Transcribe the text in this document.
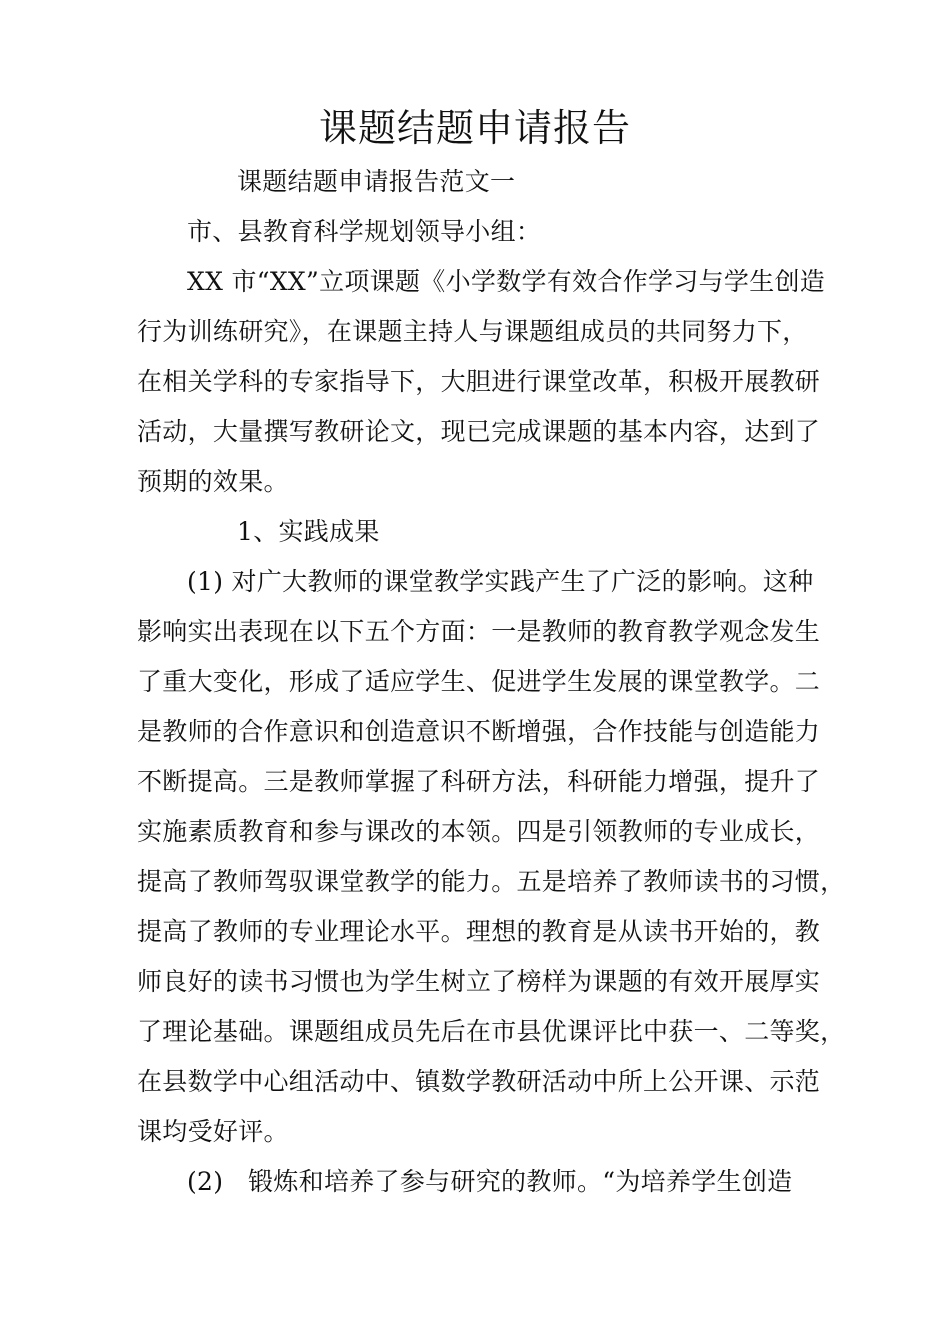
课题结题申请报告
课题结题申请报告范文一
市、县教育科学规划领导小组：
XX 市“XX”立项课题《小学数学有效合作学习与学生创造
行为训练研究》，在课题主持人与课题组成员的共同努力下，
在相关学科的专家指导下，大胆进行课堂改革，积极开展教研
活动，大量撰写教研论文，现已完成课题的基本内容，达到了
预期的效果。
1、实践成果
(1) 对广大教师的课堂教学实践产生了广泛的影响。这种
影响实出表现在以下五个方面：一是教师的教育教学观念发生
了重大变化，形成了适应学生、促进学生发展的课堂教学。二
是教师的合作意识和创造意识不断增强，合作技能与创造能力
不断提高。三是教师掌握了科研方法，科研能力增强，提升了
实施素质教育和参与课改的本领。四是引领教师的专业成长，
提高了教师驾驭课堂教学的能力。五是培养了教师读书的习惯，
提高了教师的专业理论水平。理想的教育是从读书开始的，教
师良好的读书习惯也为学生树立了榜样为课题的有效开展厚实
了理论基础。课题组成员先后在市县优课评比中获一、二等奖，
在县数学中心组活动中、镇数学教研活动中所上公开课、示范
课均受好评。
(2)   锻炼和培养了参与研究的教师。“为培养学生创造
